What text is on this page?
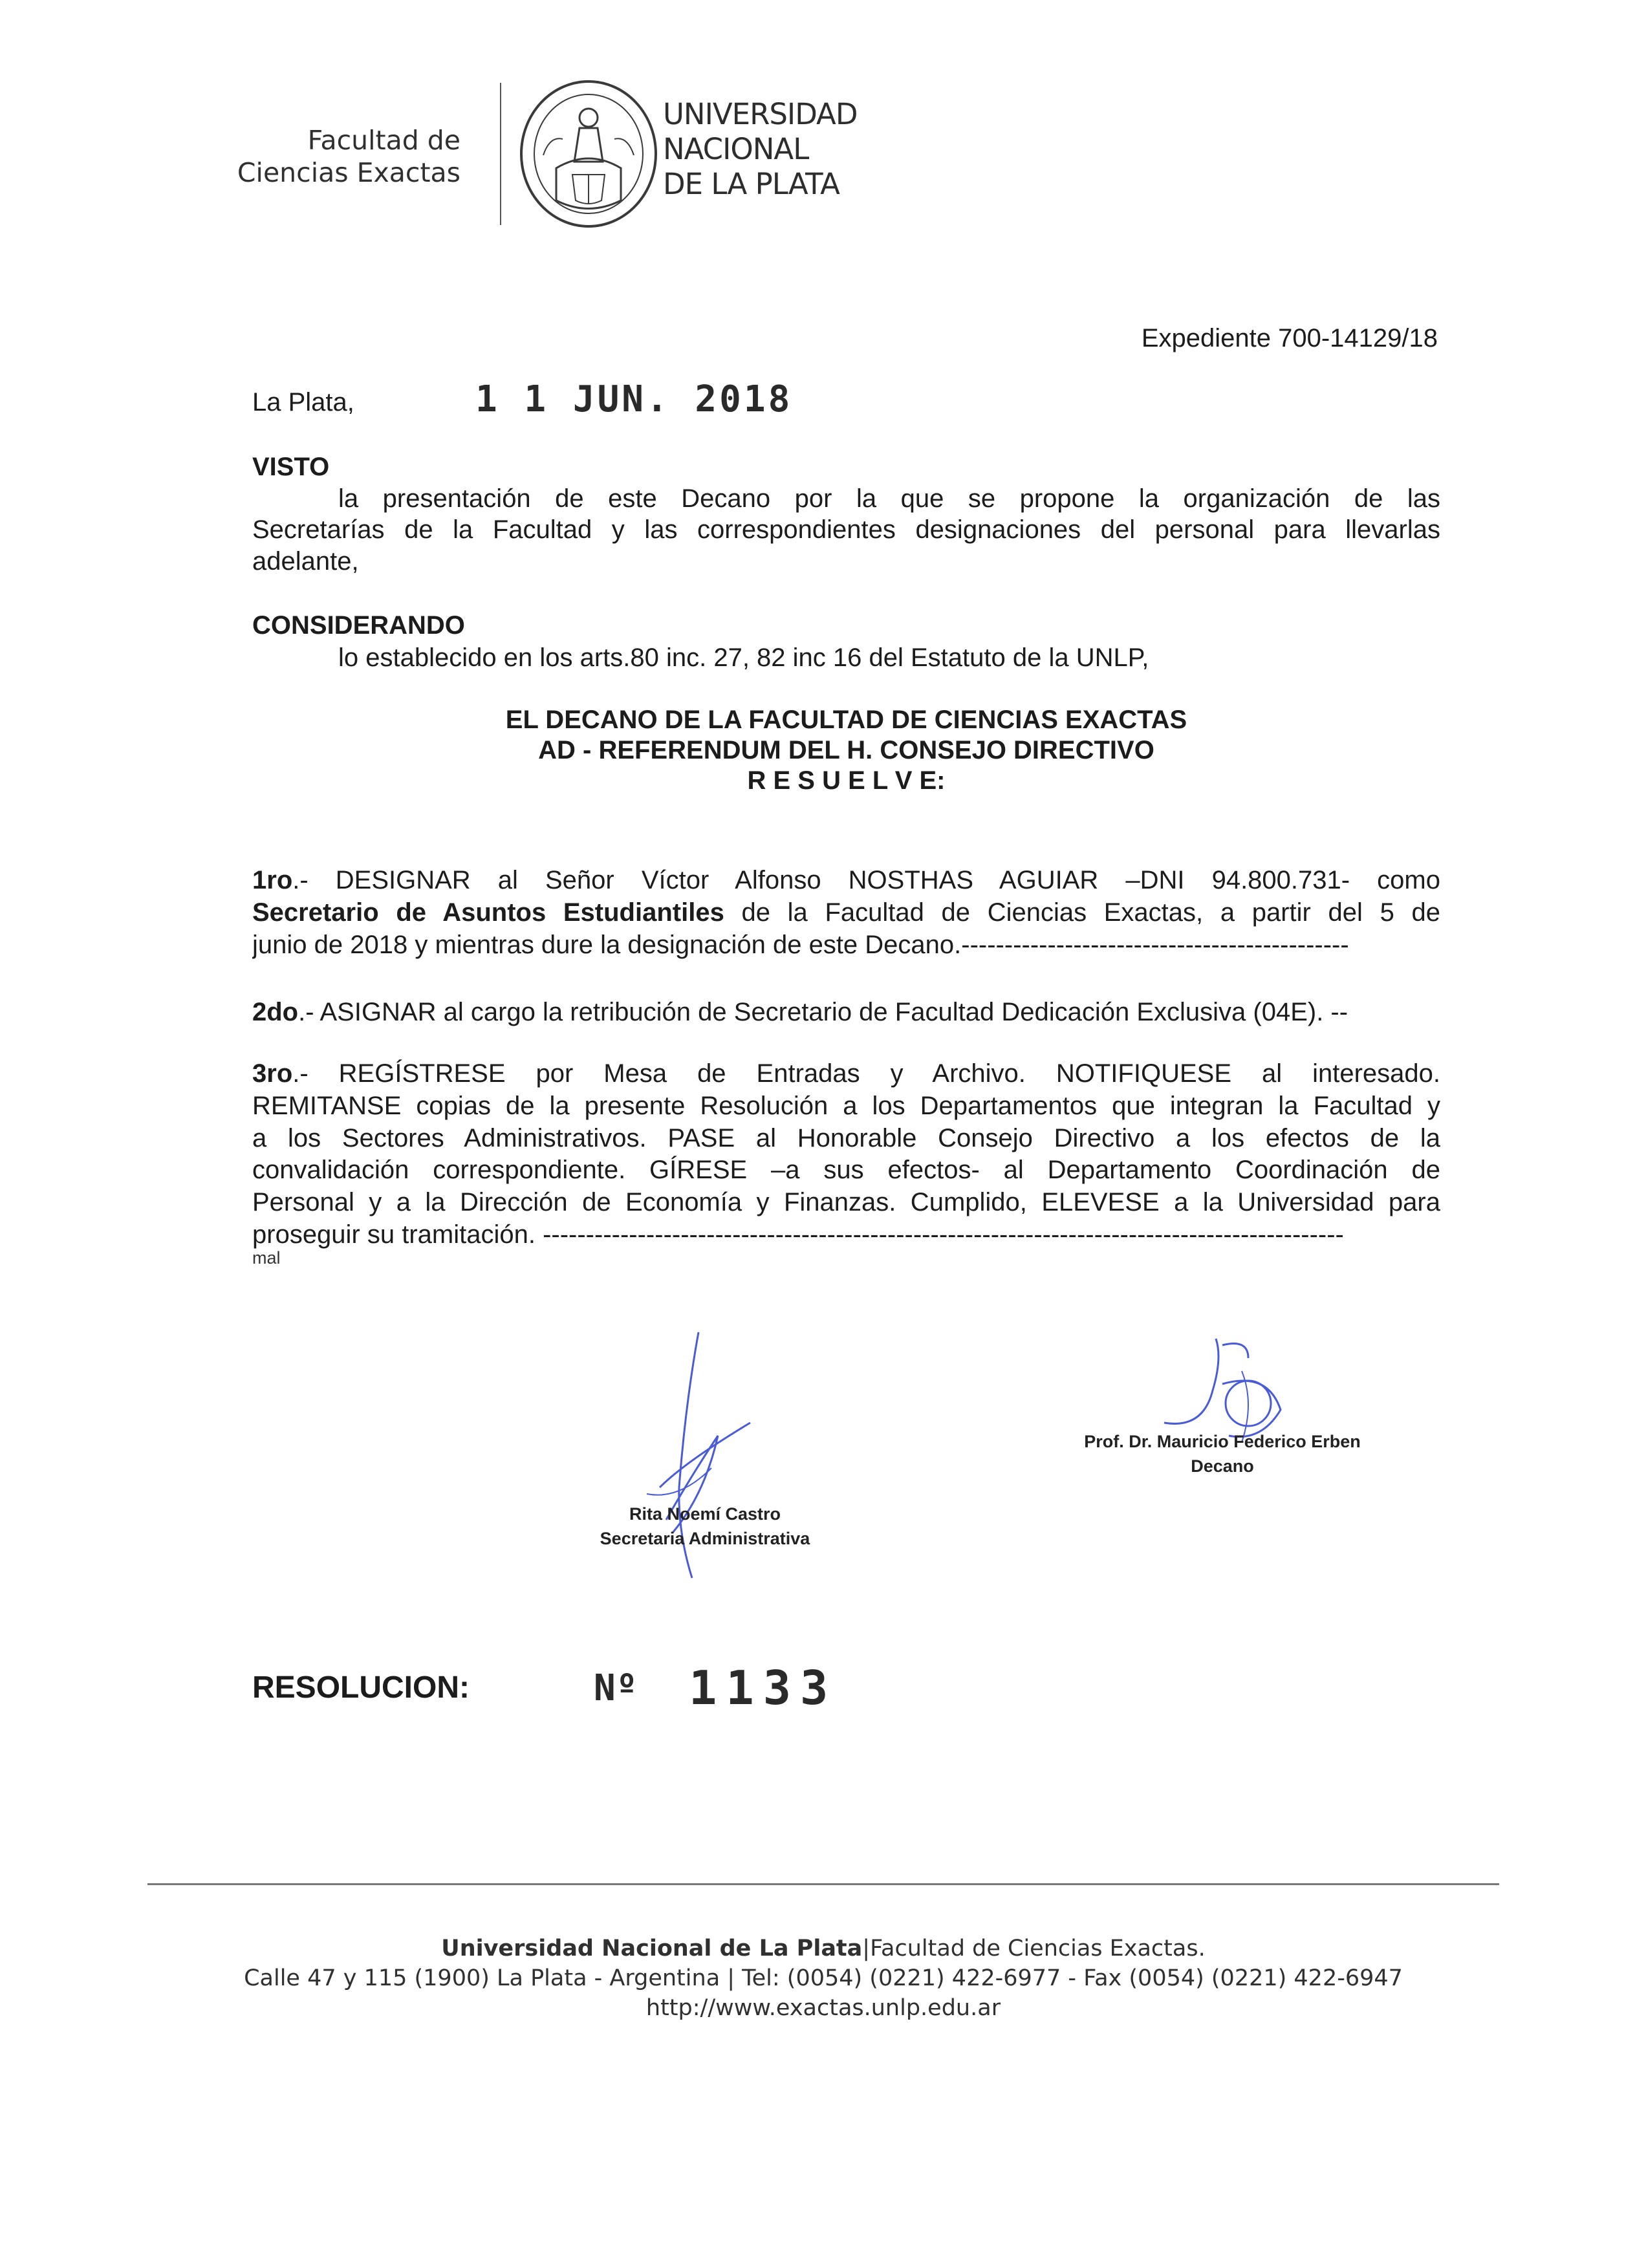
Facultad de
Ciencias Exactas
UNIVERSIDAD
NACIONAL
DE LA PLATA
Expediente 700-14129/18
La Plata,	1 1 JUN. 2018
VISTO
la presentación de este Decano por la que se propone la organización de las
Secretarías de la Facultad y las correspondientes designaciones del personal para llevarlas
adelante,
CONSIDERANDO
lo establecido en los arts.80 inc. 27, 82 inc 16 del Estatuto de la UNLP,
EL DECANO DE LA FACULTAD DE CIENCIAS EXACTAS
AD - REFERENDUM DEL H. CONSEJO DIRECTIVO
R E S U E L V E:
1ro.- DESIGNAR al Señor Víctor Alfonso NOSTHAS AGUIAR –DNI 94.800.731- como
Secretario de Asuntos Estudiantiles de la Facultad de Ciencias Exactas, a partir del 5 de
junio de 2018 y mientras dure la designación de este Decano.---------------------------------------------
2do.- ASIGNAR al cargo la retribución de Secretario de Facultad Dedicación Exclusiva (04E). --
3ro.- REGÍSTRESE por Mesa de Entradas y Archivo. NOTIFIQUESE al interesado.
REMITANSE copias de la presente Resolución a los Departamentos que integran la Facultad y
a los Sectores Administrativos. PASE al Honorable Consejo Directivo a los efectos de la
convalidación correspondiente. GÍRESE –a sus efectos- al Departamento Coordinación de
Personal y a la Dirección de Economía y Finanzas. Cumplido, ELEVESE a la Universidad para
proseguir su tramitación. ---------------------------------------------------------------------------------------------
mal
Rita Noemí Castro
Secretaria Administrativa
Prof. Dr. Mauricio Federico Erben
Decano
RESOLUCION:	Nº 1133
Universidad Nacional de La Plata|Facultad de Ciencias Exactas.
Calle 47 y 115 (1900) La Plata - Argentina | Tel: (0054) (0221) 422-6977 - Fax (0054) (0221) 422-6947
http://www.exactas.unlp.edu.ar
